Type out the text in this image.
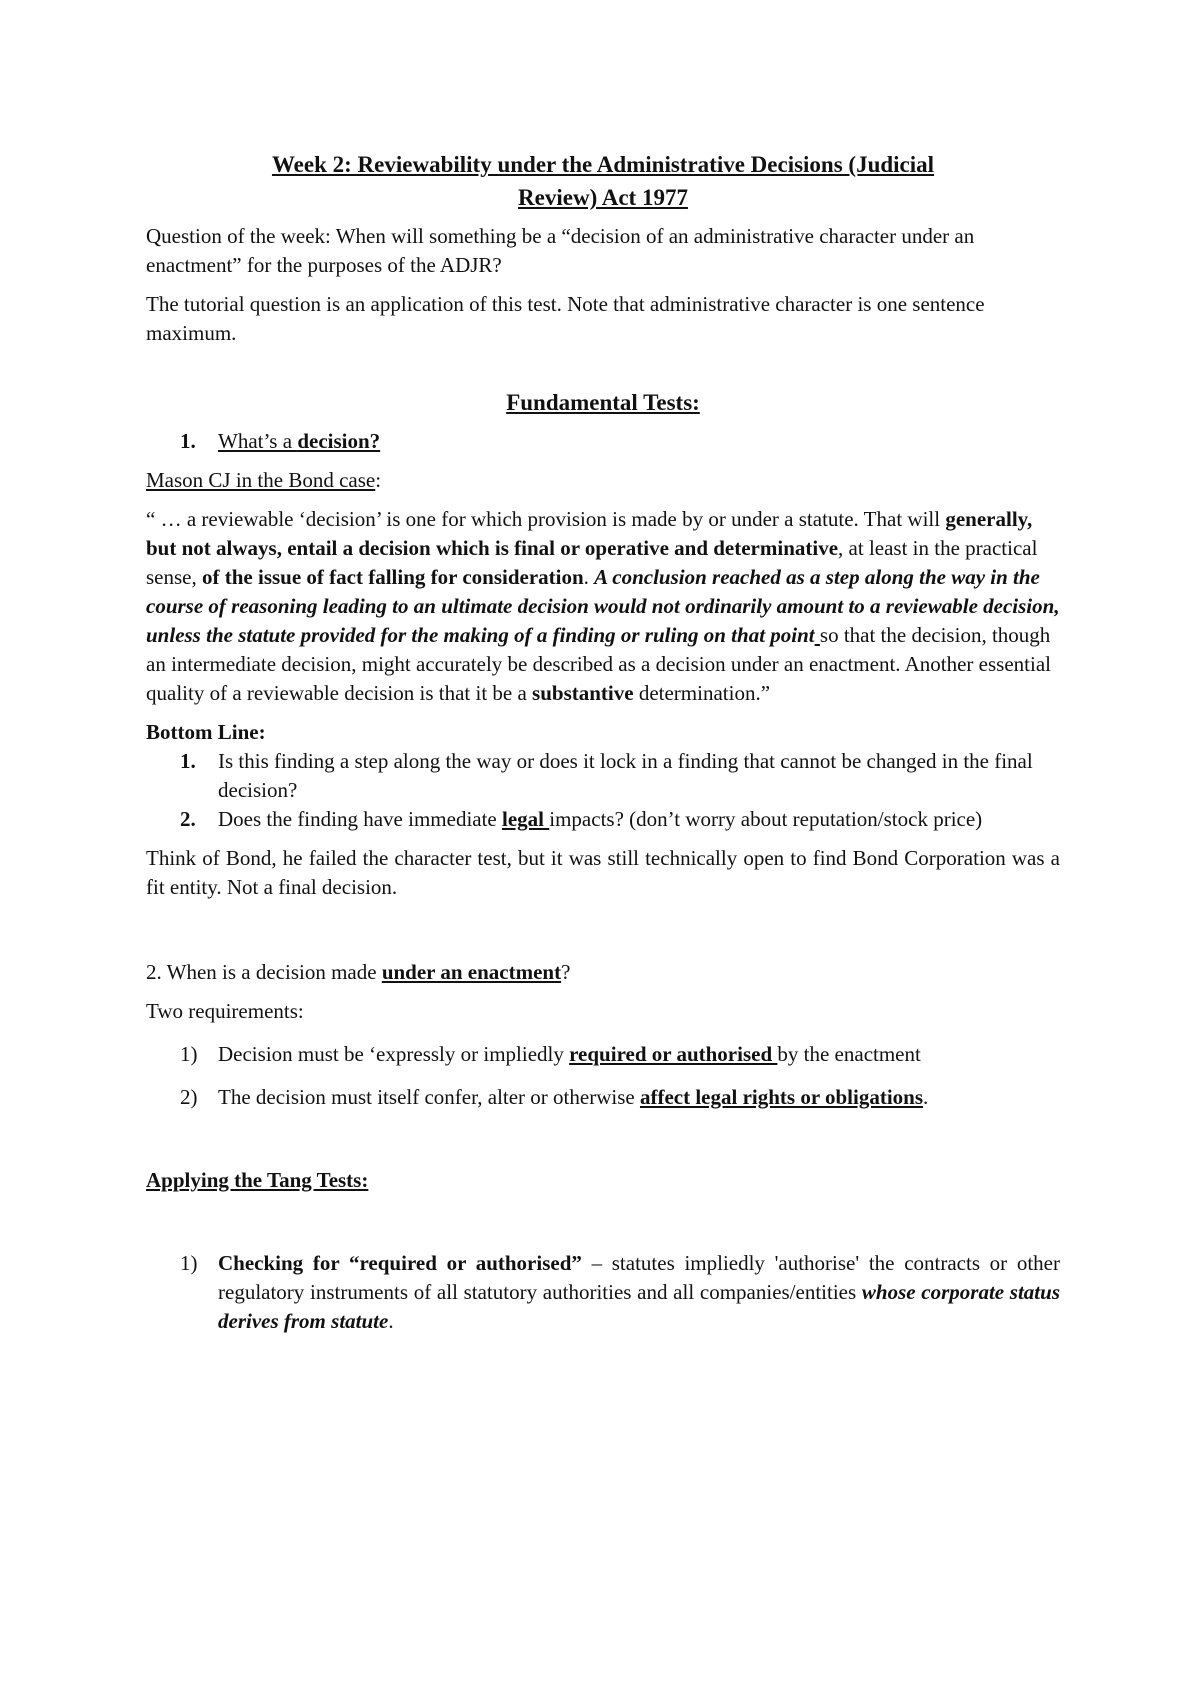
Week 2: Reviewability under the Administrative Decisions (Judicial
Review) Act 1977

Question of the week: When will something be a “decision of an administrative character under an enactment” for the purposes of the ADJR?

The tutorial question is an application of this test. Note that administrative character is one sentence maximum.

Fundamental Tests:
1. What’s a decision?

Mason CJ in the Bond case:

“ … a reviewable ‘decision’ is one for which provision is made by or under a statute. That will generally, but not always, entail a decision which is final or operative and determinative, at least in the practical sense, of the issue of fact falling for consideration. A conclusion reached as a step along the way in the course of reasoning leading to an ultimate decision would not ordinarily amount to a reviewable decision, unless the statute provided for the making of a finding or ruling on that point so that the decision, though an intermediate decision, might accurately be described as a decision under an enactment. Another essential quality of a reviewable decision is that it be a substantive determination.”

Bottom Line:

1. Is this finding a step along the way or does it lock in a finding that cannot be changed in the final decision?
2. Does the finding have immediate legal impacts? (don’t worry about reputation/stock price)

Think of Bond, he failed the character test, but it was still technically open to find Bond Corporation was a fit entity. Not a final decision.

2. When is a decision made under an enactment?

Two requirements:

1) Decision must be ‘expressly or impliedly required or authorised by the enactment
2) The decision must itself confer, alter or otherwise affect legal rights or obligations.

Applying the Tang Tests:

1) Checking for “required or authorised” – statutes impliedly 'authorise' the contracts or other regulatory instruments of all statutory authorities and all companies/entities whose corporate status derives from statute.
